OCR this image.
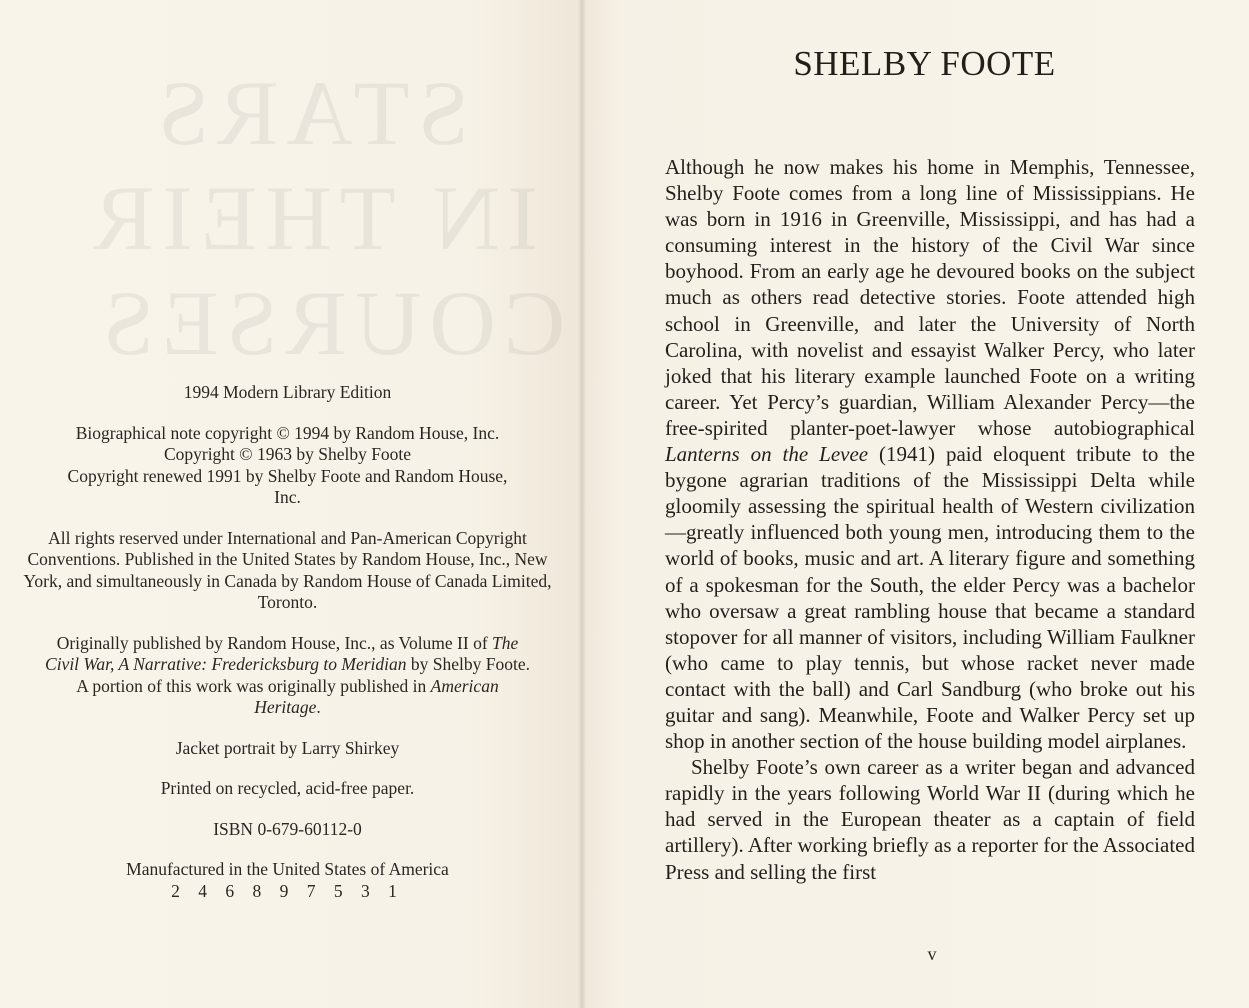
STARS
IN THEIR
COURSES

1994 Modern Library Edition

Biographical note copyright © 1994 by Random House, Inc.

Copyright © 1963 by Shelby Foote

Copyright renewed 1991 by Shelby Foote and Random House, Inc.

All rights reserved under International and Pan-American Copyright Conventions. Published in the United States by Random House, Inc., New York, and simultaneously in Canada by Random House of Canada Limited, Toronto.

Originally published by Random House, Inc., as Volume II of The Civil War, A Narrative: Fredericksburg to Meridian by Shelby Foote.

A portion of this work was originally published in American Heritage.

Jacket portrait by Larry Shirkey

Printed on recycled, acid-free paper.

ISBN 0-679-60112-0

Manufactured in the United States of America

2 4 6 8 9 7 5 3 1

SHELBY FOOTE

Although he now makes his home in Memphis, Tennessee, Shelby Foote comes from a long line of Mississippians. He was born in 1916 in Greenville, Mississippi, and has had a consuming interest in the history of the Civil War since boyhood. From an early age he devoured books on the subject much as others read detective stories. Foote attended high school in Greenville, and later the University of North Carolina, with novelist and essayist Walker Percy, who later joked that his literary example launched Foote on a writing career. Yet Percy’s guardian, William Alexander Percy—the free-spirited planter-poet-lawyer whose autobiographical Lanterns on the Levee (1941) paid eloquent tribute to the bygone agrarian traditions of the Mississippi Delta while gloomily assessing the spiritual health of Western civilization—greatly influenced both young men, introducing them to the world of books, music and art. A literary figure and something of a spokesman for the South, the elder Percy was a bachelor who oversaw a great rambling house that became a standard stopover for all manner of visitors, including William Faulkner (who came to play tennis, but whose racket never made contact with the ball) and Carl Sandburg (who broke out his guitar and sang). Meanwhile, Foote and Walker Percy set up shop in another section of the house building model airplanes.

Shelby Foote’s own career as a writer began and advanced rapidly in the years following World War II (during which he had served in the European theater as a captain of field artillery). After working briefly as a reporter for the Associated Press and selling the first

v
